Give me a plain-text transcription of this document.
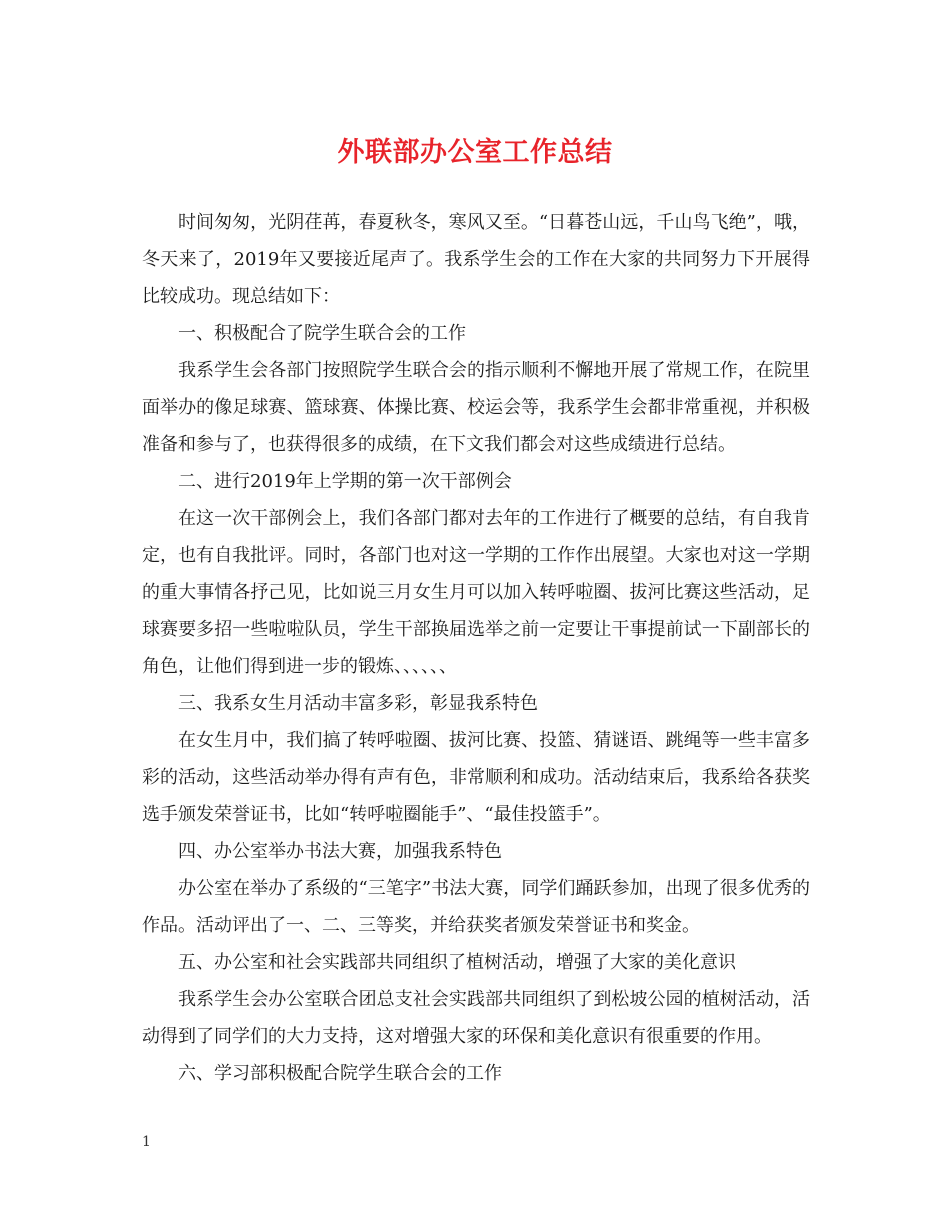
外联部办公室工作总结

时间匆匆，光阴荏苒，春夏秋冬，寒风又至。“日暮苍山远，千山鸟飞绝”，哦，冬天来了，2019年又要接近尾声了。我系学生会的工作在大家的共同努力下开展得比较成功。现总结如下：

一、积极配合了院学生联合会的工作

我系学生会各部门按照院学生联合会的指示顺利不懈地开展了常规工作，在院里面举办的像足球赛、篮球赛、体操比赛、校运会等，我系学生会都非常重视，并积极准备和参与了，也获得很多的成绩，在下文我们都会对这些成绩进行总结。

二、进行2019年上学期的第一次干部例会

在这一次干部例会上，我们各部门都对去年的工作进行了概要的总结，有自我肯定，也有自我批评。同时，各部门也对这一学期的工作作出展望。大家也对这一学期的重大事情各抒己见，比如说三月女生月可以加入转呼啦圈、拔河比赛这些活动，足球赛要多招一些啦啦队员，学生干部换届选举之前一定要让干事提前试一下副部长的角色，让他们得到进一步的锻炼、、、、、、

三、我系女生月活动丰富多彩，彰显我系特色

在女生月中，我们搞了转呼啦圈、拔河比赛、投篮、猜谜语、跳绳等一些丰富多彩的活动，这些活动举办得有声有色，非常顺利和成功。活动结束后，我系给各获奖选手颁发荣誉证书，比如“转呼啦圈能手”、“最佳投篮手”。

四、办公室举办书法大赛，加强我系特色

办公室在举办了系级的“三笔字”书法大赛，同学们踊跃参加，出现了很多优秀的作品。活动评出了一、二、三等奖，并给获奖者颁发荣誉证书和奖金。

五、办公室和社会实践部共同组织了植树活动，增强了大家的美化意识

我系学生会办公室联合团总支社会实践部共同组织了到松坡公园的植树活动，活动得到了同学们的大力支持，这对增强大家的环保和美化意识有很重要的作用。

六、学习部积极配合院学生联合会的工作

1
